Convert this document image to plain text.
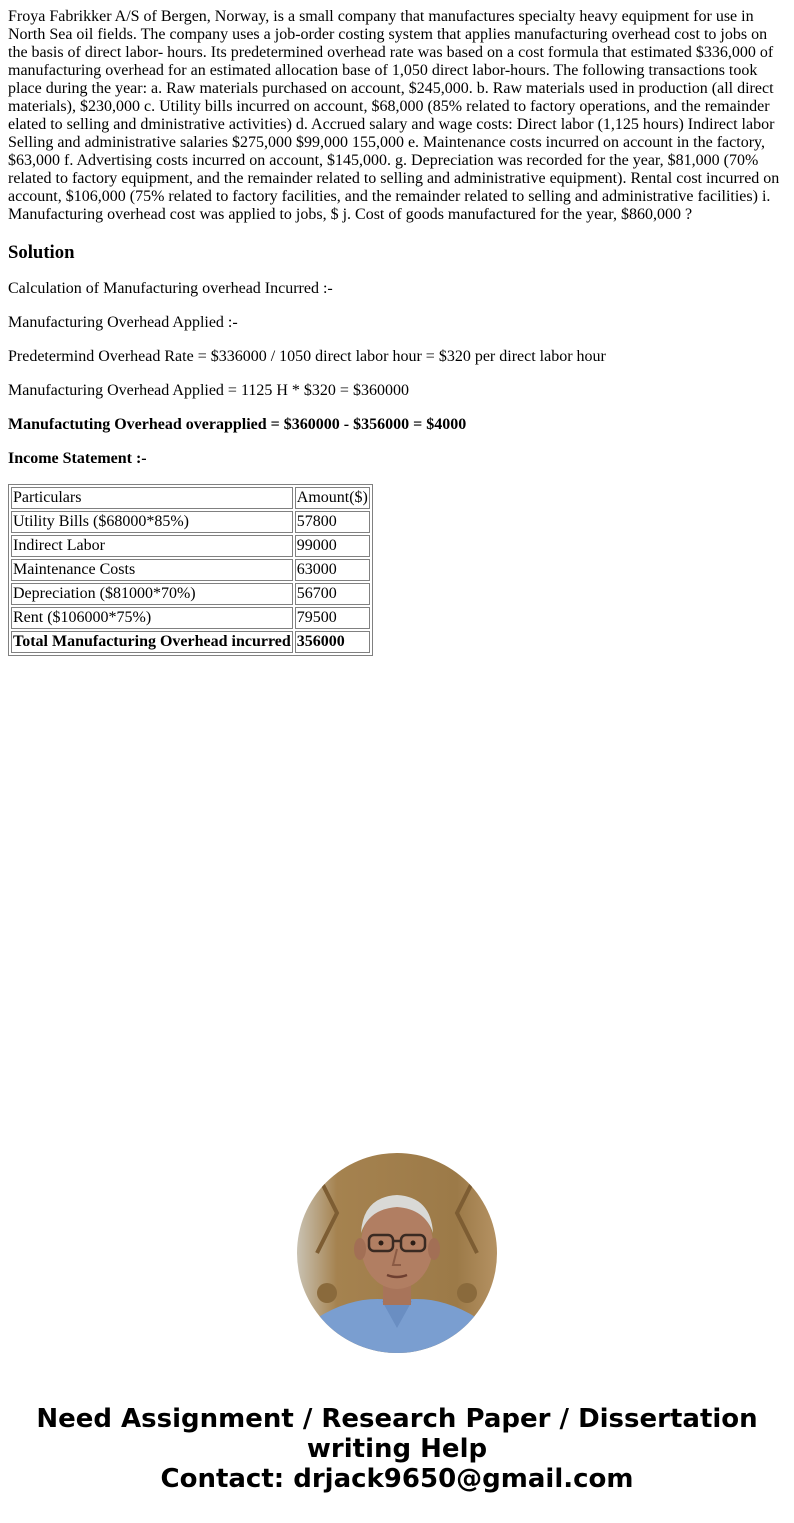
Froya Fabrikker A/S of Bergen, Norway, is a small company that manufactures specialty heavy equipment for use in North Sea oil fields. The company uses a job-order costing system that applies manufacturing overhead cost to jobs on the basis of direct labor- hours. Its predetermined overhead rate was based on a cost formula that estimated $336,000 of manufacturing overhead for an estimated allocation base of 1,050 direct labor-hours. The following transactions took place during the year: a. Raw materials purchased on account, $245,000. b. Raw materials used in production (all direct materials), $230,000 c. Utility bills incurred on account, $68,000 (85% related to factory operations, and the remainder elated to selling and dministrative activities) d. Accrued salary and wage costs: Direct labor (1,125 hours) Indirect labor Selling and administrative salaries $275,000 $99,000 155,000 e. Maintenance costs incurred on account in the factory, $63,000 f. Advertising costs incurred on account, $145,000. g. Depreciation was recorded for the year, $81,000 (70% related to factory equipment, and the remainder related to selling and administrative equipment). Rental cost incurred on account, $106,000 (75% related to factory facilities, and the remainder related to selling and administrative facilities) i. Manufacturing overhead cost was applied to jobs, $ j. Cost of goods manufactured for the year, $860,000 ?
Solution

Calculation of Manufacturing overhead Incurred :-

Manufacturing Overhead Applied :-

Predetermind Overhead Rate = $336000 / 1050 direct labor hour = $320 per direct labor hour

Manufacturing Overhead Applied = 1125 H * $320 = $360000

Manufactuting Overhead overapplied = $360000 - $356000 = $4000

Income Statement :-

Particulars	Amount($)
Utility Bills ($68000*85%)	57800
Indirect Labor	99000
Maintenance Costs	63000
Depreciation ($81000*70%)	56700
Rent ($106000*75%)	79500
Total Manufacturing Overhead incurred	356000
Need Assignment / Research Paper / Dissertation
writing Help
Contact: drjack9650@gmail.com
